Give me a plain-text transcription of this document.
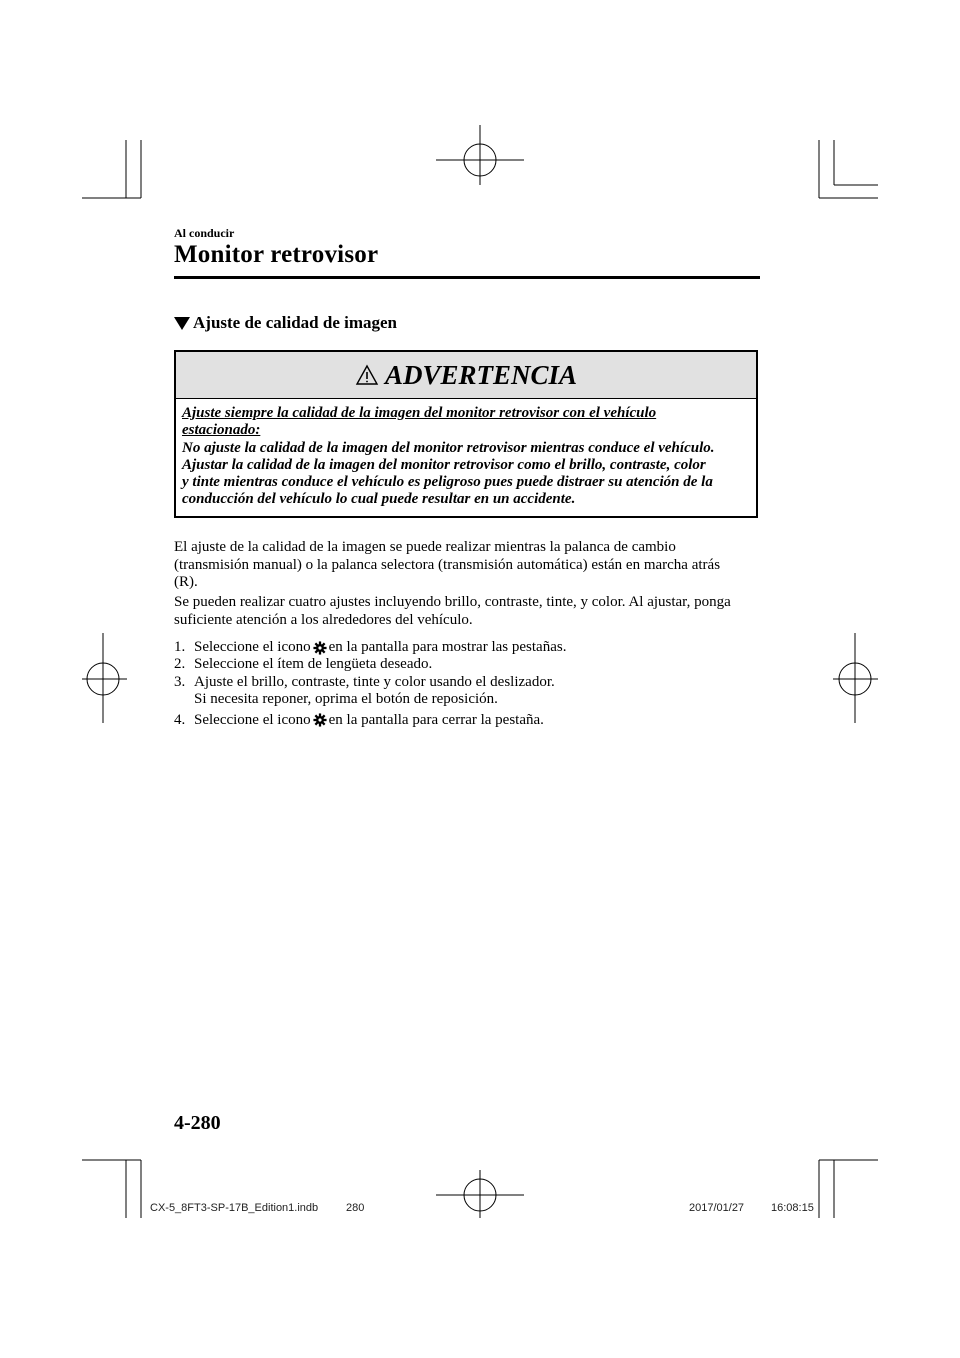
Al conducir
Monitor retrovisor
Ajuste de calidad de imagen
ADVERTENCIA
Ajuste siempre la calidad de la imagen del monitor retrovisor con el vehículo
estacionado:
No ajuste la calidad de la imagen del monitor retrovisor mientras conduce el vehículo.
Ajustar la calidad de la imagen del monitor retrovisor como el brillo, contraste, color
y tinte mientras conduce el vehículo es peligroso pues puede distraer su atención de la
conducción del vehículo lo cual puede resultar en un accidente.
El ajuste de la calidad de la imagen se puede realizar mientras la palanca de cambio
(transmisión manual) o la palanca selectora (transmisión automática) están en marcha atrás
(R).
Se pueden realizar cuatro ajustes incluyendo brillo, contraste, tinte, y color. Al ajustar, ponga
suficiente atención a los alrededores del vehículo.
1. Seleccione el icono en la pantalla para mostrar las pestañas.
2. Seleccione el ítem de lengüeta deseado.
3. Ajuste el brillo, contraste, tinte y color usando el deslizador.
Si necesita reponer, oprima el botón de reposición.
4. Seleccione el icono en la pantalla para cerrar la pestaña.
4-280
CX-5_8FT3-SP-17B_Edition1.indb	280	2017/01/27 16:08:15
